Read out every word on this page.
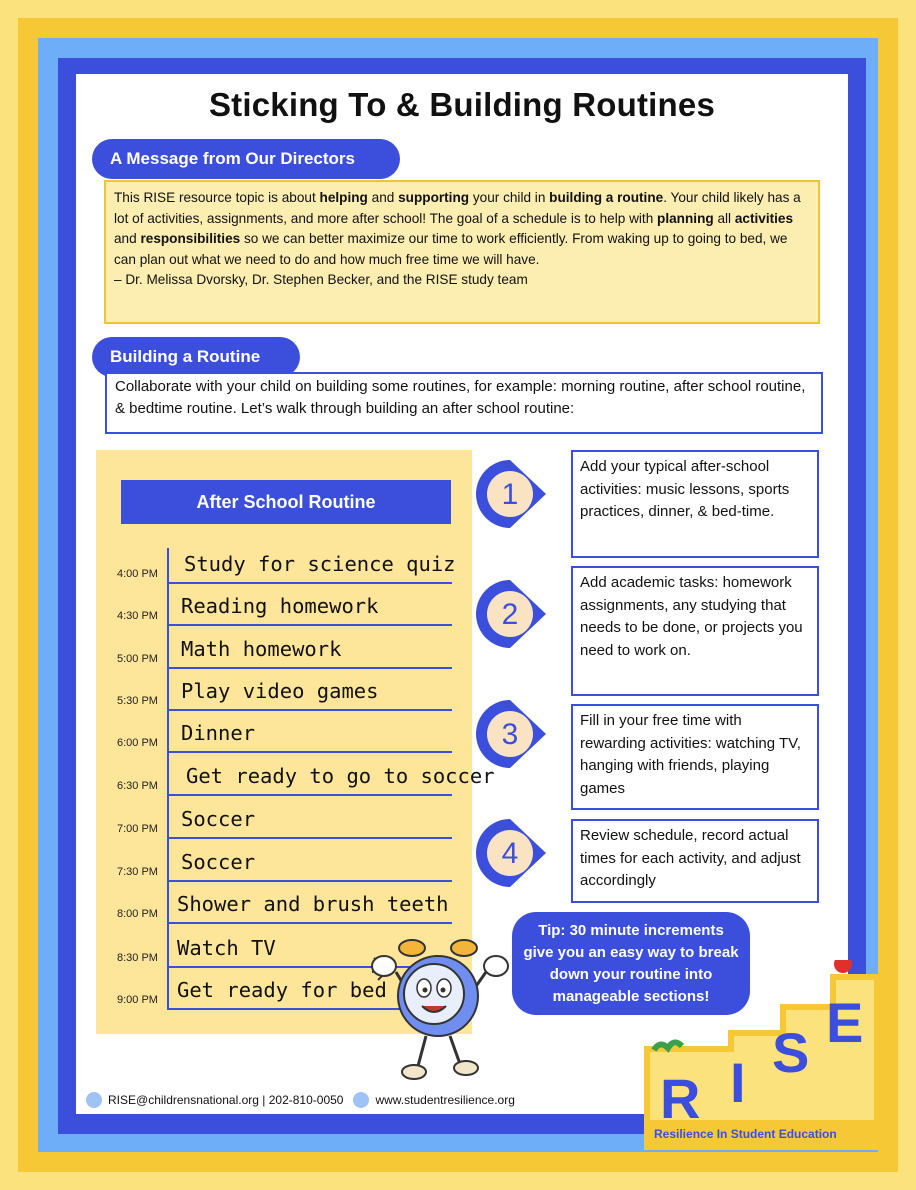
Sticking To & Building Routines
A Message from Our Directors
This RISE resource topic is about helping and supporting your child in building a routine. Your child likely has a lot of activities, assignments, and more after school! The goal of a schedule is to help with planning all activities and responsibilities so we can better maximize our time to work efficiently. From waking up to going to bed, we can plan out what we need to do and how much free time we will have.
– Dr. Melissa Dvorsky, Dr. Stephen Becker, and the RISE study team
Building a Routine
Collaborate with your child on building some routines, for example: morning routine, after school routine, & bedtime routine. Let’s walk through building an after school routine:
After School Routine
4:00 PM Study for science quiz
4:30 PM Reading homework
5:00 PM Math homework
5:30 PM Play video games
6:00 PM Dinner
6:30 PM Get ready to go to soccer
7:00 PM Soccer
7:30 PM Soccer
8:00 PM Shower and brush teeth
8:30 PM Watch TV
9:00 PM Get ready for bed
1
Add your typical after-school activities: music lessons, sports practices, dinner, & bed-time.
2
Add academic tasks: homework assignments, any studying that needs to be done, or projects you need to work on.
3	Fill in your free time with rewarding activities: watching TV, hanging with friends, playing games
4
Review schedule, record actual times for each activity, and adjust accordingly
Tip: 30 minute increments give you an easy way to break down your routine into manageable sections!
RISE@childrensnational.org | 202-810-0050	www.studentresilience.org	R I S E
Resilience In Student Education
